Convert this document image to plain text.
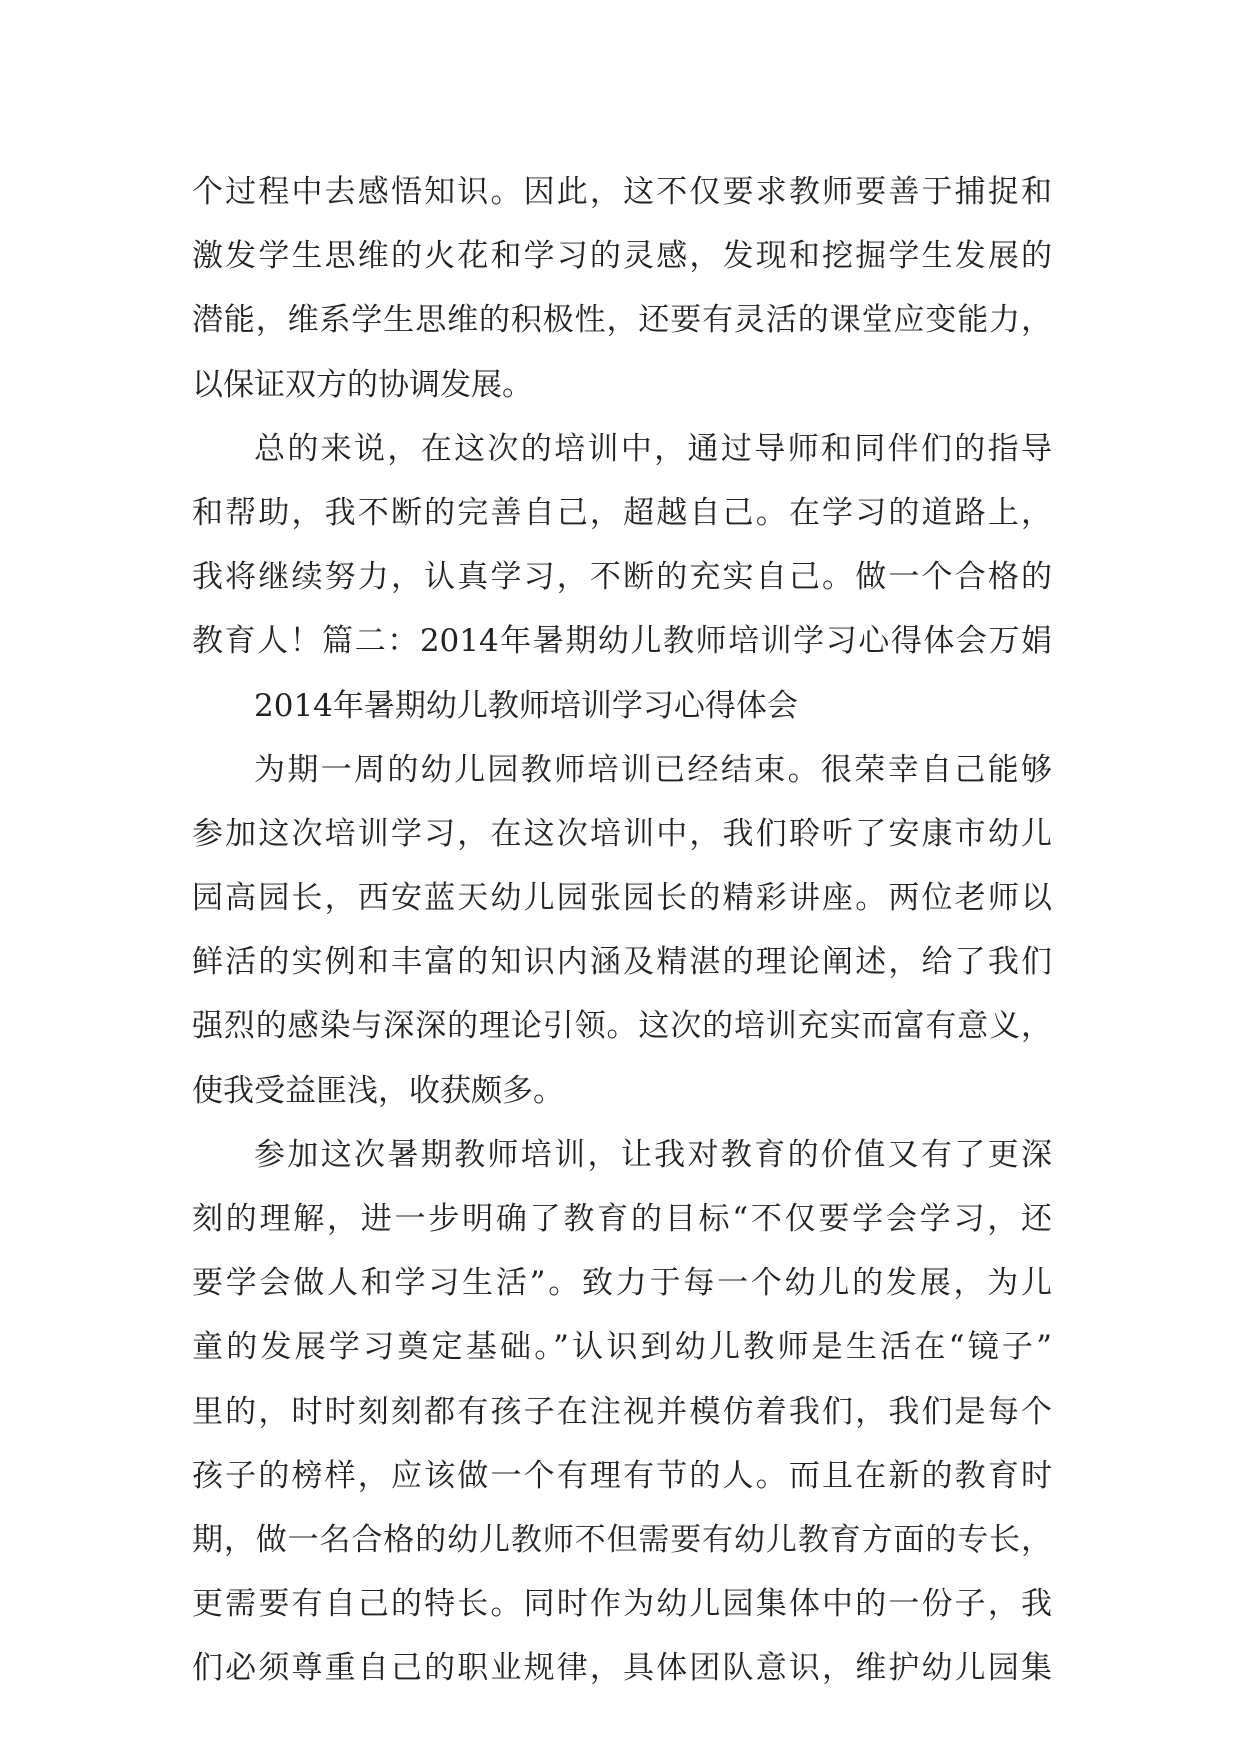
个过程中去感悟知识。因此，这不仅要求教师要善于捕捉和
激发学生思维的火花和学习的灵感，发现和挖掘学生发展的
潜能，维系学生思维的积极性，还要有灵活的课堂应变能力，
以保证双方的协调发展。
总的来说，在这次的培训中，通过导师和同伴们的指导
和帮助，我不断的完善自己，超越自己。在学习的道路上，
我将继续努力，认真学习，不断的充实自己。做一个合格的
教育人！篇二：2014年暑期幼儿教师培训学习心得体会万娟
2014年暑期幼儿教师培训学习心得体会
为期一周的幼儿园教师培训已经结束。很荣幸自己能够
参加这次培训学习，在这次培训中，我们聆听了安康市幼儿
园高园长，西安蓝天幼儿园张园长的精彩讲座。两位老师以
鲜活的实例和丰富的知识内涵及精湛的理论阐述，给了我们
强烈的感染与深深的理论引领。这次的培训充实而富有意义，
使我受益匪浅，收获颇多。
参加这次暑期教师培训，让我对教育的价值又有了更深
刻的理解，进一步明确了教育的目标“不仅要学会学习，还
要学会做人和学习生活”。致力于每一个幼儿的发展，为儿
童的发展学习奠定基础。”认识到幼儿教师是生活在“镜子”
里的，时时刻刻都有孩子在注视并模仿着我们，我们是每个
孩子的榜样，应该做一个有理有节的人。而且在新的教育时
期，做一名合格的幼儿教师不但需要有幼儿教育方面的专长，
更需要有自己的特长。同时作为幼儿园集体中的一份子，我
们必须尊重自己的职业规律，具体团队意识，维护幼儿园集
